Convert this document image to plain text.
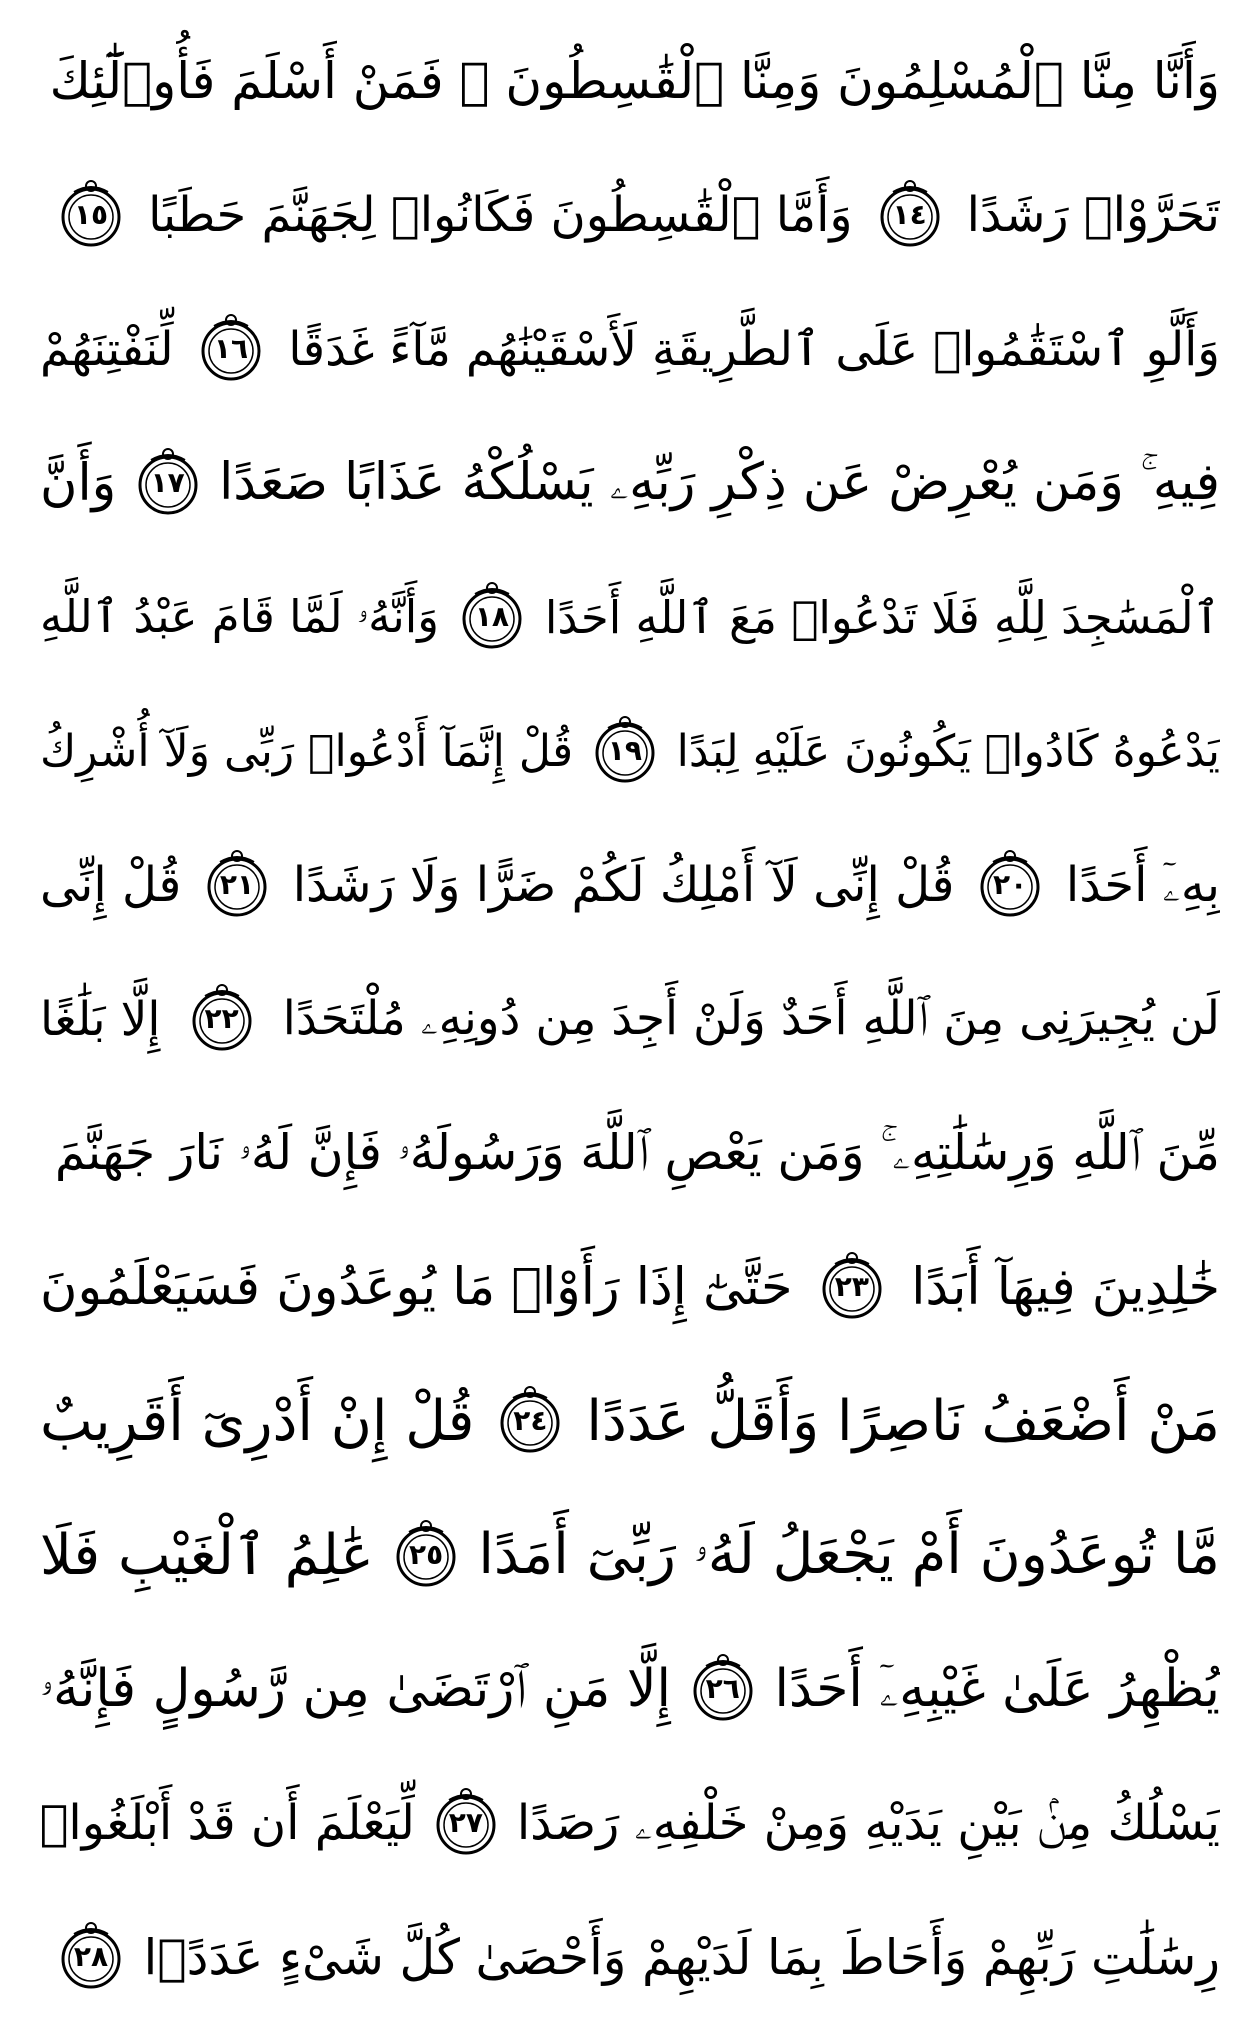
وَأَنَّا مِنَّا ٱلْمُسْلِمُونَ وَمِنَّا ٱلْقَٰسِطُونَ ۖ فَمَنْ أَسْلَمَ فَأُو۟لَٰٓئِكَ
تَحَرَّوْا۟ رَشَدًا
١٤
وَأَمَّا ٱلْقَٰسِطُونَ فَكَانُوا۟ لِجَهَنَّمَ حَطَبًا
١٥
وَأَلَّوِ ٱسْتَقَٰمُوا۟ عَلَى ٱلطَّرِيقَةِ لَأَسْقَيْنَٰهُم مَّآءً غَدَقًا
١٦
لِّنَفْتِنَهُمْ
فِيهِ ۚ وَمَن يُعْرِضْ عَن ذِكْرِ رَبِّهِۦ يَسْلُكْهُ عَذَابًا صَعَدًا
١٧
وَأَنَّ
ٱلْمَسَٰجِدَ لِلَّهِ فَلَا تَدْعُوا۟ مَعَ ٱللَّهِ أَحَدًا
١٨
وَأَنَّهُۥ لَمَّا قَامَ عَبْدُ ٱللَّهِ
يَدْعُوهُ كَادُوا۟ يَكُونُونَ عَلَيْهِ لِبَدًا
١٩
قُلْ إِنَّمَآ أَدْعُوا۟ رَبِّى وَلَآ أُشْرِكُ
بِهِۦٓ أَحَدًا
٢٠
قُلْ إِنِّى لَآ أَمْلِكُ لَكُمْ ضَرًّا وَلَا رَشَدًا
٢١
قُلْ إِنِّى
لَن يُجِيرَنِى مِنَ ٱللَّهِ أَحَدٌ وَلَنْ أَجِدَ مِن دُونِهِۦ مُلْتَحَدًا
٢٢
إِلَّا بَلَٰغًا
مِّنَ ٱللَّهِ وَرِسَٰلَٰتِهِۦ ۚ وَمَن يَعْصِ ٱللَّهَ وَرَسُولَهُۥ فَإِنَّ لَهُۥ نَارَ جَهَنَّمَ
خَٰلِدِينَ فِيهَآ أَبَدًا
٢٣
حَتَّىٰٓ إِذَا رَأَوْا۟ مَا يُوعَدُونَ فَسَيَعْلَمُونَ
مَنْ أَضْعَفُ نَاصِرًا وَأَقَلُّ عَدَدًا
٢٤
قُلْ إِنْ أَدْرِىٓ أَقَرِيبٌ
مَّا تُوعَدُونَ أَمْ يَجْعَلُ لَهُۥ رَبِّىٓ أَمَدًا
٢٥
عَٰلِمُ ٱلْغَيْبِ فَلَا
يُظْهِرُ عَلَىٰ غَيْبِهِۦٓ أَحَدًا
٢٦
إِلَّا مَنِ ٱرْتَضَىٰ مِن رَّسُولٍ فَإِنَّهُۥ
يَسْلُكُ مِنۢ بَيْنِ يَدَيْهِ وَمِنْ خَلْفِهِۦ رَصَدًا
٢٧
لِّيَعْلَمَ أَن قَدْ أَبْلَغُوا۟
رِسَٰلَٰتِ رَبِّهِمْ وَأَحَاطَ بِمَا لَدَيْهِمْ وَأَحْصَىٰ كُلَّ شَىْءٍ عَدَدًۢا
٢٨
